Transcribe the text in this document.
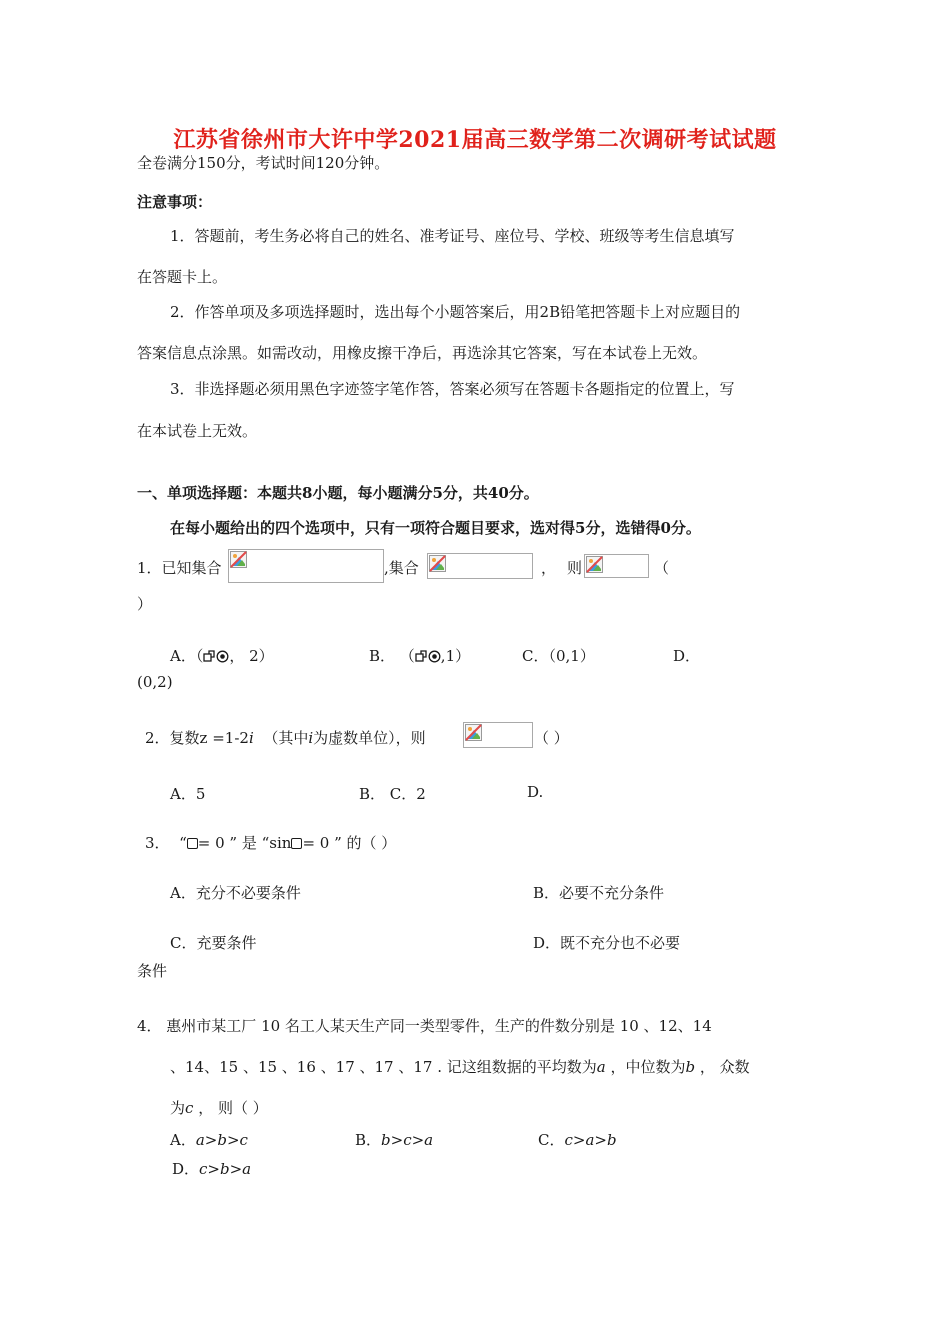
江苏省徐州市大许中学2021届高三数学第二次调研考试试题
全卷满分150分，考试时间120分钟。
注意事项：
1．答题前，考生务必将自己的姓名、准考证号、座位号、学校、班级等考生信息填写
在答题卡上。
2．作答单项及多项选择题时，选出每个小题答案后，用2B铅笔把答题卡上对应题目的
答案信息点涂黑。如需改动，用橡皮擦干净后，再选涂其它答案，写在本试卷上无效。
3．非选择题必须用黑色字迹签字笔作答，答案必须写在答题卡各题指定的位置上，写
在本试卷上无效。
一、单项选择题：本题共8小题，每小题满分5分，共40分。
在每小题给出的四个选项中，只有一项符合题目要求，选对得5分，选错得0分。
1．已知集合	,集合	， 则	（
）
A．（ ， 2）	B． （ ,1）	C．（0,1）	D．
(0,2)
2．复数z =1-2i （其中i为虚数单位），则	（ ）
A．5	B． C．2	D.
3． “ = 0 ” 是 “sin = 0 ” 的（ ）
A．充分不必要条件	B．必要不充分条件
C．充要条件	D．既不充分也不必要
条件
4． 惠州市某工厂 10 名工人某天生产同一类型零件，生产的件数分别是 10 、12、14
、14、15 、15 、16 、17 、17 、17 . 记这组数据的平均数为a ，中位数为b ， 众数
为c ， 则（ ）
A．a>b>c	B．b>c>a	C．c>a>b
D．c>b>a
